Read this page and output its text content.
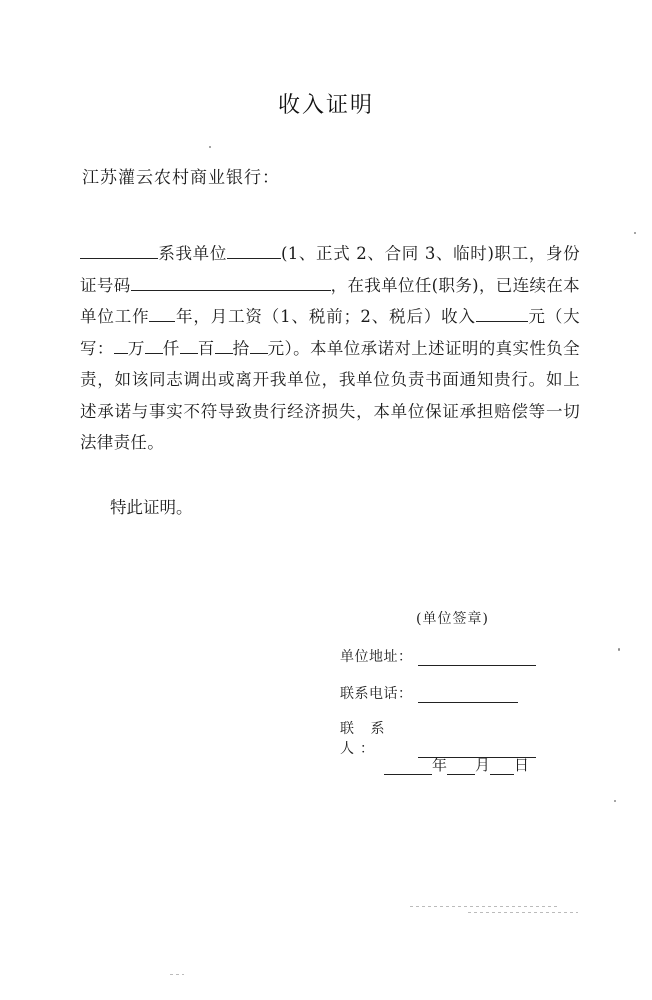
收入证明
江苏灌云农村商业银行：
系我单位	(1、正式 2、合同 3、临时)职工，身份证号码	，在我单位任(职务)，已连续在本单位工作 年，月工资（1、税前；2、税后）收入	元（大写： 万 仟 百 拾 元）。本单位承诺对上述证明的真实性负全责，如该同志调出或离开我单位，我单位负责书面通知贵行。如上述承诺与事实不符导致贵行经济损失，本单位保证承担赔偿等一切法律责任。
特此证明。
(单位签章)
单位地址：
联系电话：
联 系 人：
年 月 日
